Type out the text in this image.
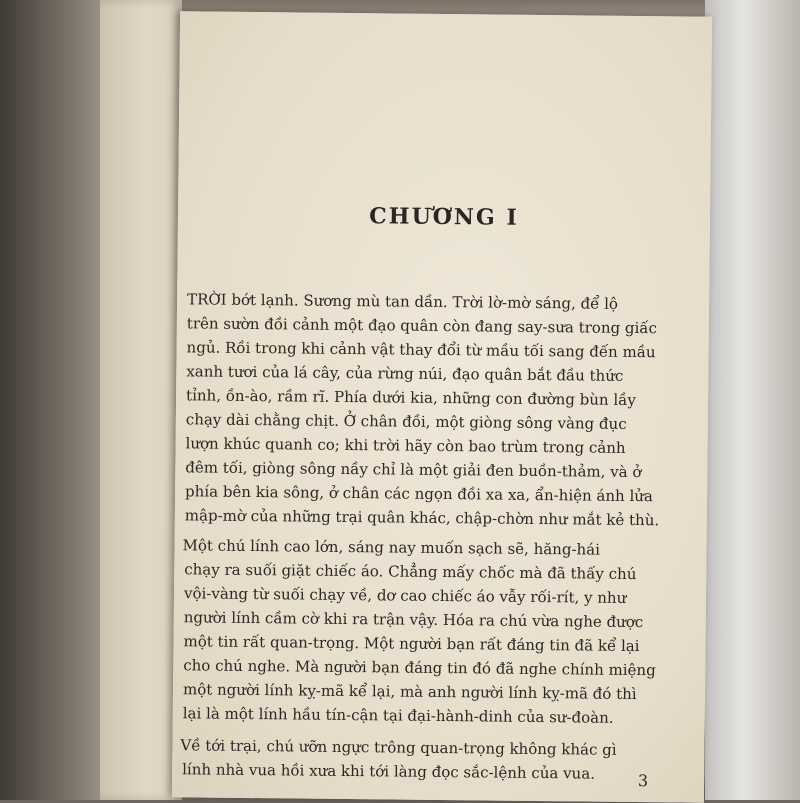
CHƯƠNG I
TRỜI bớt lạnh. Sương mù tan dần. Trời lờ-mờ sáng, để lộ
trên sườn đồi cảnh một đạo quân còn đang say-sưa trong giấc
ngủ. Rồi trong khi cảnh vật thay đổi từ mầu tối sang đến mầu
xanh tươi của lá cây, của rừng núi, đạo quân bắt đầu thức
tỉnh, ồn-ào, rầm rĩ. Phía dưới kia, những con đường bùn lầy
chạy dài chằng chịt. Ở chân đồi, một giòng sông vàng đục
lượn khúc quanh co; khi trời hãy còn bao trùm trong cảnh
đêm tối, giòng sông nầy chỉ là một giải đen buồn-thảm, và ở
phía bên kia sông, ở chân các ngọn đồi xa xa, ẩn-hiện ánh lửa
mập-mờ của những trại quân khác, chập-chờn như mắt kẻ thù.
Một chú lính cao lớn, sáng nay muốn sạch sẽ, hăng-hái
chạy ra suối giặt chiếc áo. Chẳng mấy chốc mà đã thấy chú
vội-vàng từ suối chạy về, dơ cao chiếc áo vẫy rối-rít, y như
người lính cầm cờ khi ra trận vậy. Hóa ra chú vừa nghe được
một tin rất quan-trọng. Một người bạn rất đáng tin đã kể lại
cho chú nghe. Mà người bạn đáng tin đó đã nghe chính miệng
một người lính kỵ-mã kể lại, mà anh người lính kỵ-mã đó thì
lại là một lính hầu tín-cận tại đại-hành-dinh của sư-đoàn.
Về tới trại, chú ưỡn ngực trông quan-trọng không khác gì
lính nhà vua hồi xưa khi tới làng đọc sắc-lệnh của vua.	3
